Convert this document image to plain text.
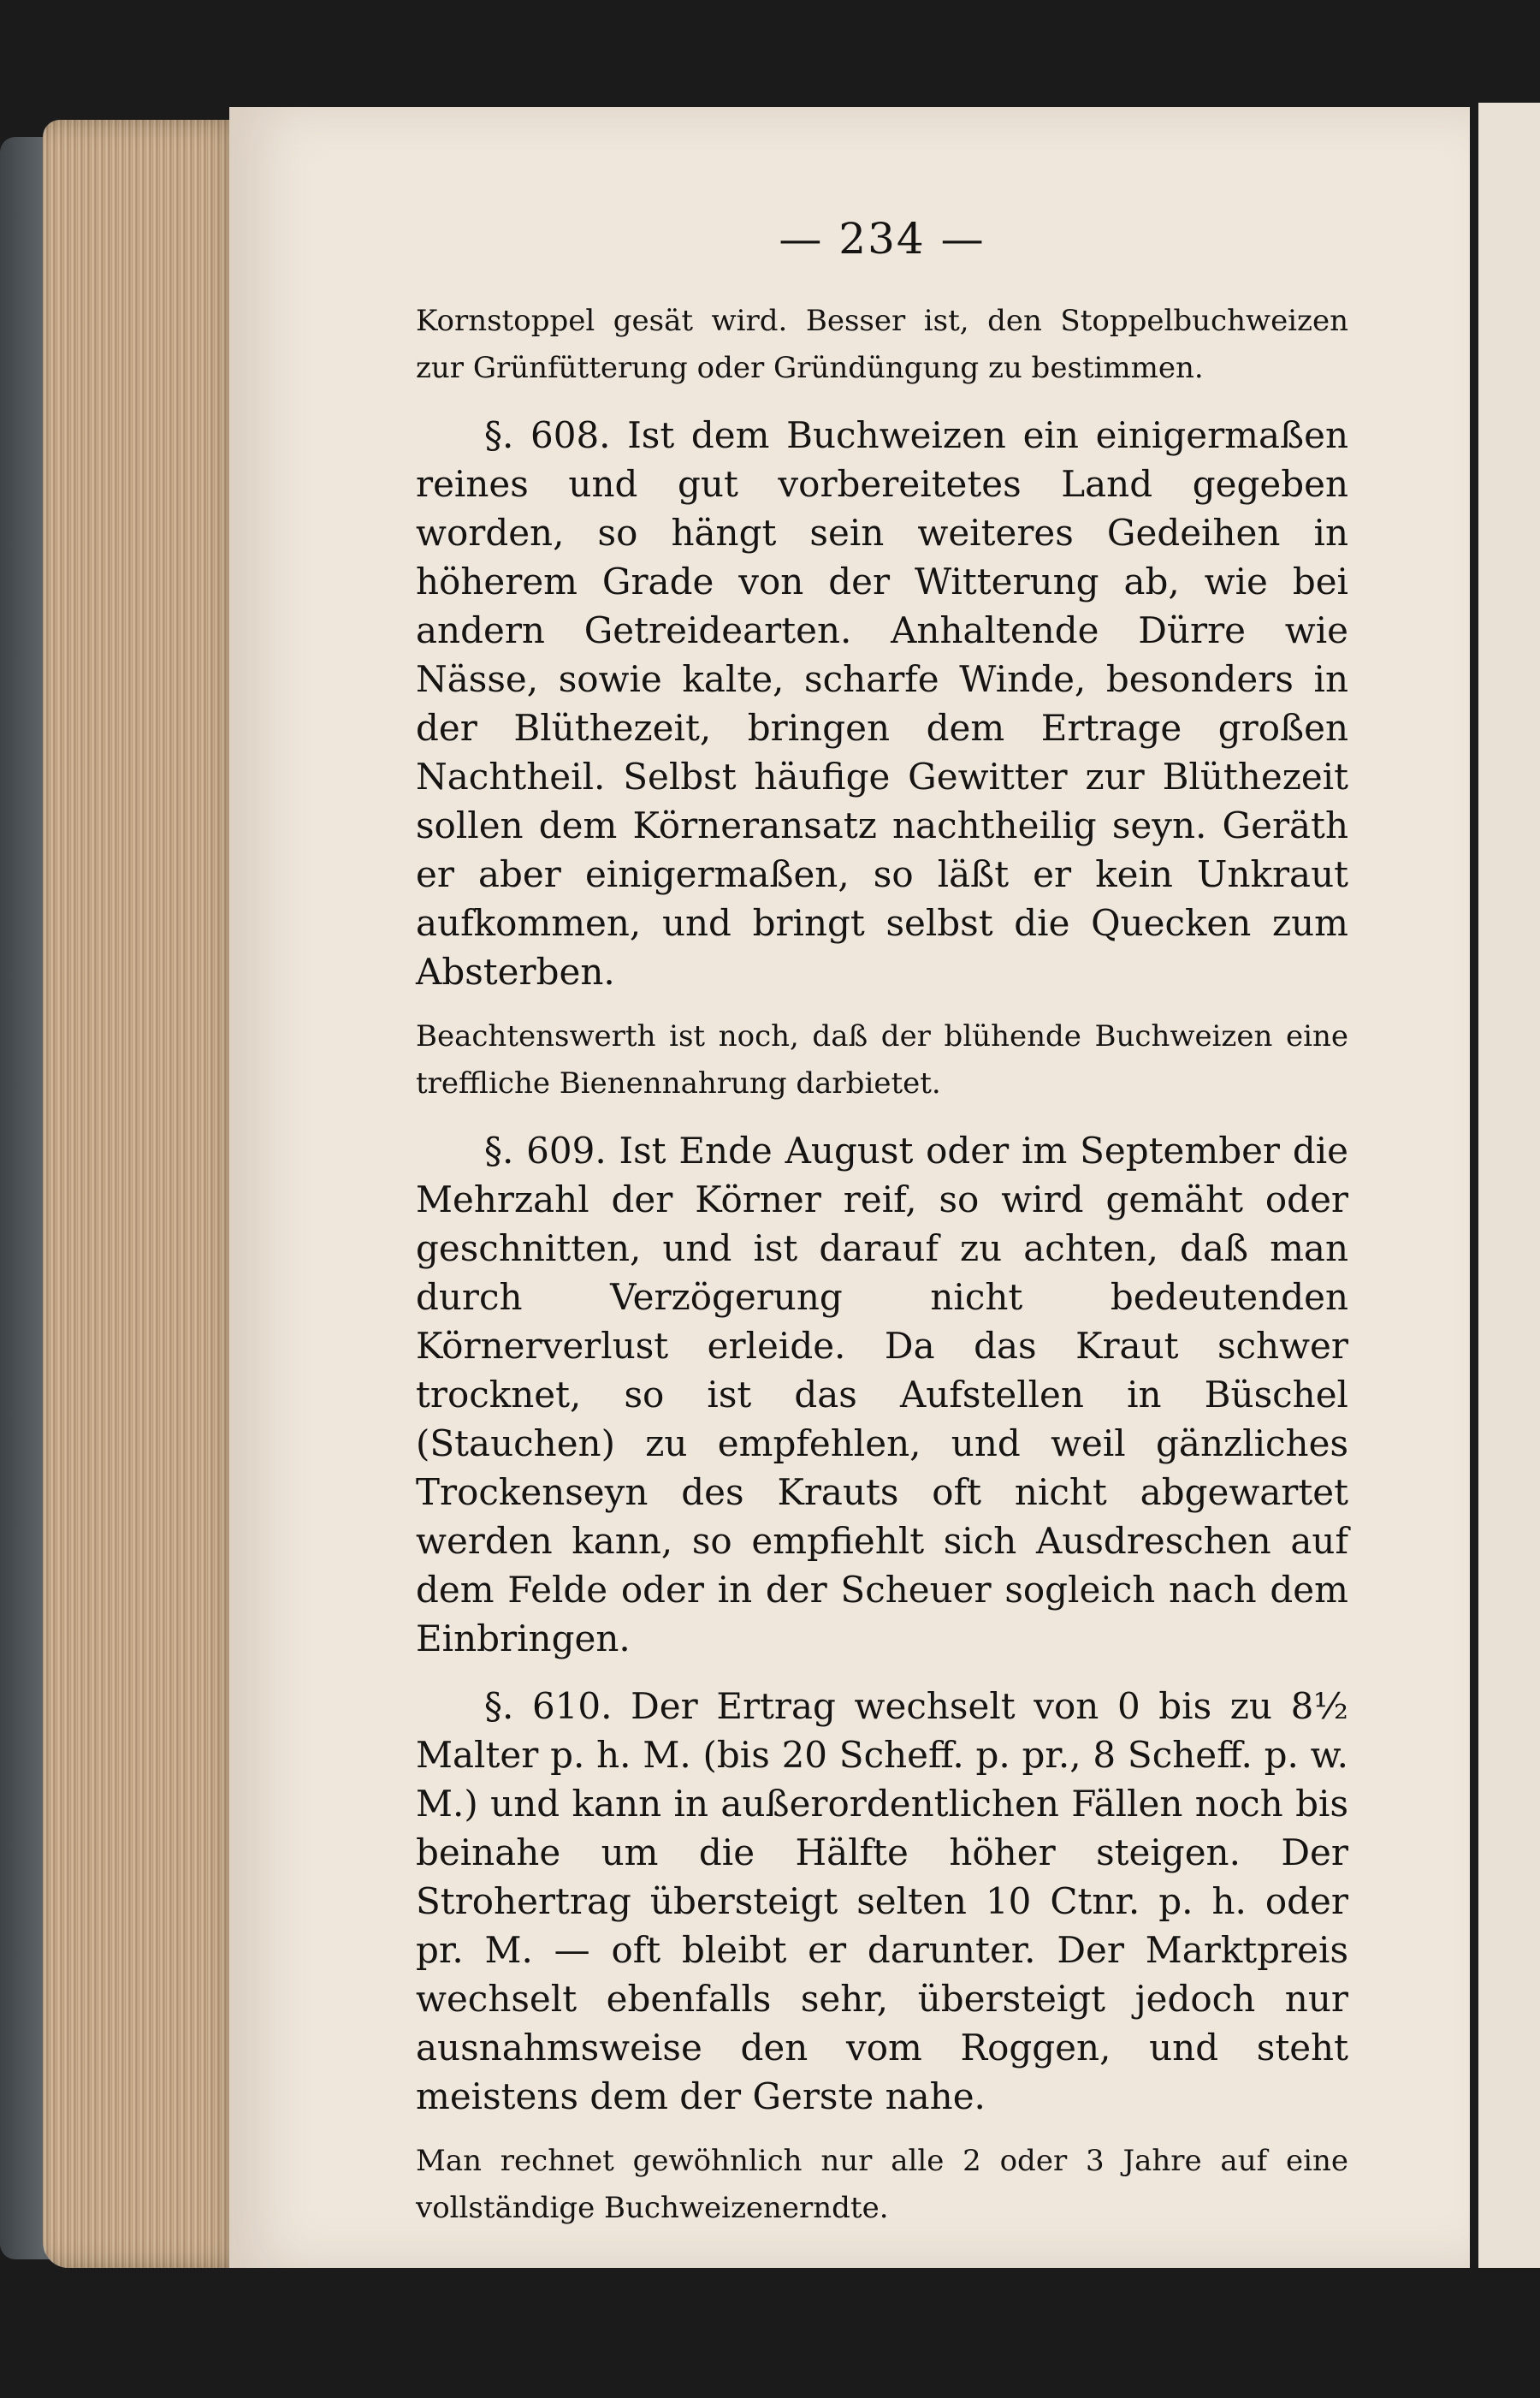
— 234 —

Kornstoppel gesät wird. Besser ist, den Stoppelbuchweizen zur Grünfütterung oder Gründüngung zu bestimmen.

§. 608. Ist dem Buchweizen ein einigermaßen reines und gut vorbereitetes Land gegeben worden, so hängt sein weiteres Gedeihen in höherem Grade von der Witterung ab, wie bei andern Getreidearten. Anhaltende Dürre wie Nässe, sowie kalte, scharfe Winde, besonders in der Blüthezeit, bringen dem Ertrage großen Nachtheil. Selbst häufige Gewitter zur Blüthezeit sollen dem Körneransatz nachtheilig seyn. Geräth er aber einigermaßen, so läßt er kein Unkraut aufkommen, und bringt selbst die Quecken zum Absterben.

Beachtenswerth ist noch, daß der blühende Buchweizen eine treffliche Bienennahrung darbietet.

§. 609. Ist Ende August oder im September die Mehrzahl der Körner reif, so wird gemäht oder geschnitten, und ist darauf zu achten, daß man durch Verzögerung nicht bedeutenden Körnerverlust erleide. Da das Kraut schwer trocknet, so ist das Aufstellen in Büschel (Stauchen) zu empfehlen, und weil gänzliches Trockenseyn des Krauts oft nicht abgewartet werden kann, so empfiehlt sich Ausdreschen auf dem Felde oder in der Scheuer sogleich nach dem Einbringen.

§. 610. Der Ertrag wechselt von 0 bis zu 8½ Malter p. h. M. (bis 20 Scheff. p. pr., 8 Scheff. p. w. M.) und kann in außerordentlichen Fällen noch bis beinahe um die Hälfte höher steigen. Der Strohertrag übersteigt selten 10 Ctnr. p. h. oder pr. M. — oft bleibt er darunter. Der Marktpreis wechselt ebenfalls sehr, übersteigt jedoch nur ausnahmsweise den vom Roggen, und steht meistens dem der Gerste nahe.

Man rechnet gewöhnlich nur alle 2 oder 3 Jahre auf eine vollständige Buchweizenerndte.
